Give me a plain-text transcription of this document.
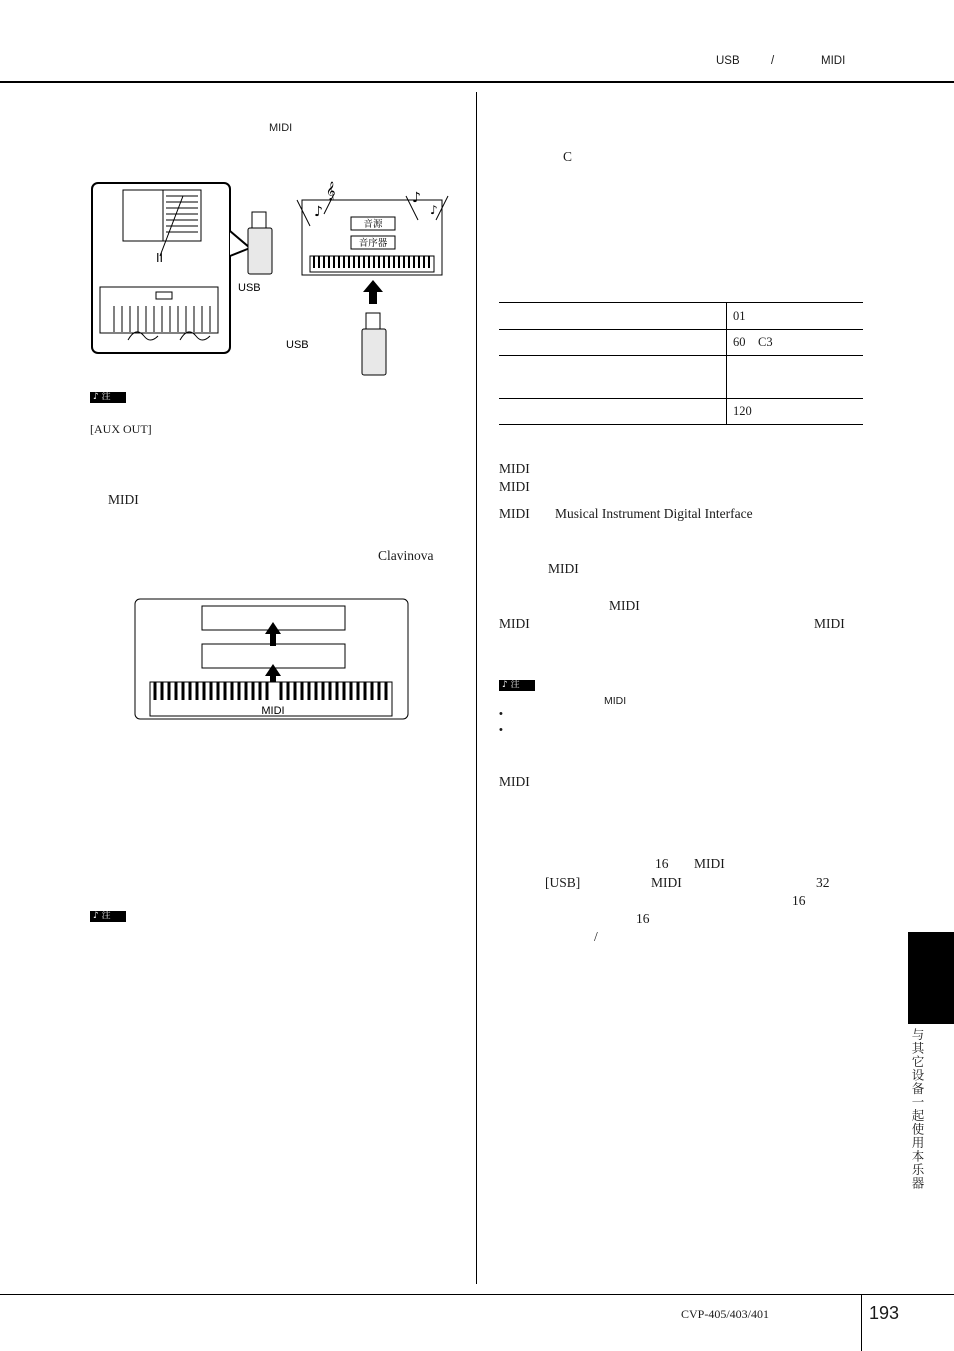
USB	/	MIDI
MIDI
II
USB
♪
𝄞	♪
♪
音源
音序器
USB
♪ 注
[AUX OUT]
MIDI
Clavinova
MIDI
♪ 注
C
	01
	60    C3

	120
MIDI
MIDI
MIDI Musical Instrument Digital Interface
MIDI
MIDI
MIDI	MIDI
♪ 注
MIDI
•
•
MIDI
16 MIDI
[USB]	MIDI	32
16
16
/
与其它设备一起使用本乐器
CVP-405/403/401	193
